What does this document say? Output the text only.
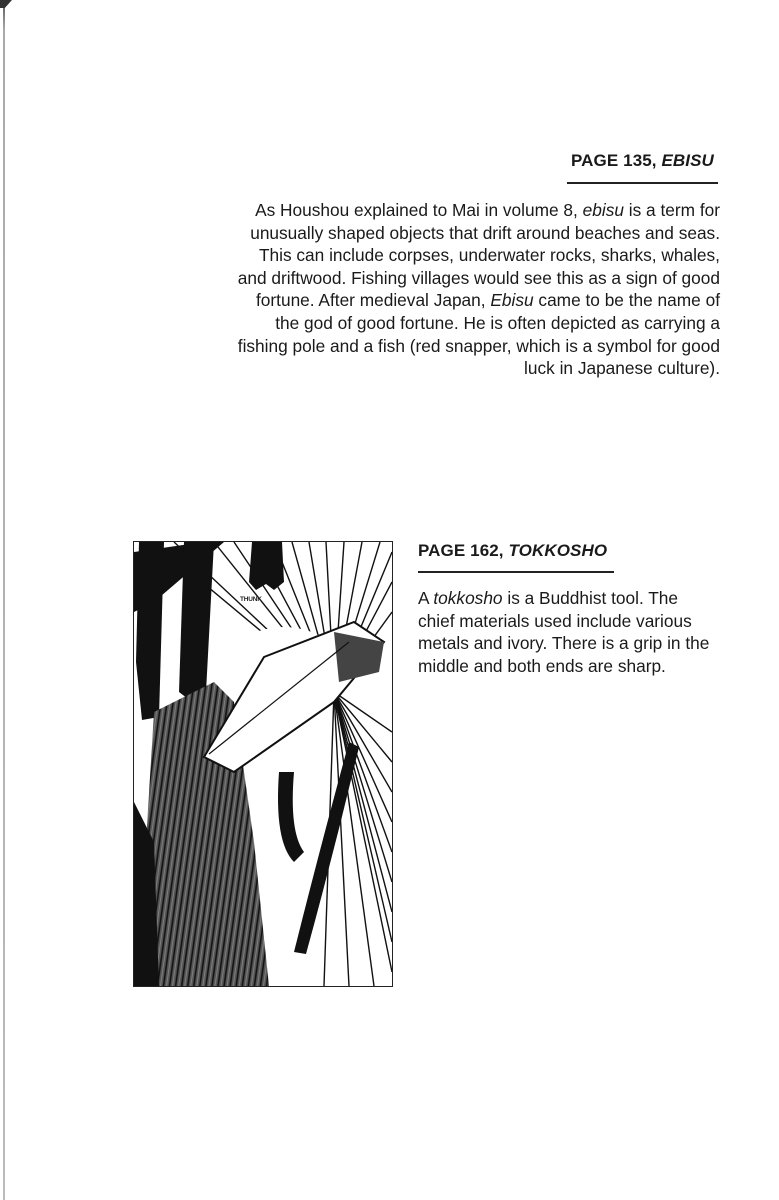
PAGE 135, EBISU
As Houshou explained to Mai in volume 8, ebisu is a term for unusually shaped objects that drift around beaches and seas. This can include corpses, underwater rocks, sharks, whales, and driftwood. Fishing villages would see this as a sign of good fortune. After medieval Japan, Ebisu came to be the name of the god of good fortune. He is often depicted as carrying a fishing pole and a fish (red snapper, which is a symbol for good luck in Japanese culture).
PAGE 162, TOKKOSHO
A tokkosho is a Buddhist tool. The chief materials used include various metals and ivory. There is a grip in the middle and both ends are sharp.
THUNK
